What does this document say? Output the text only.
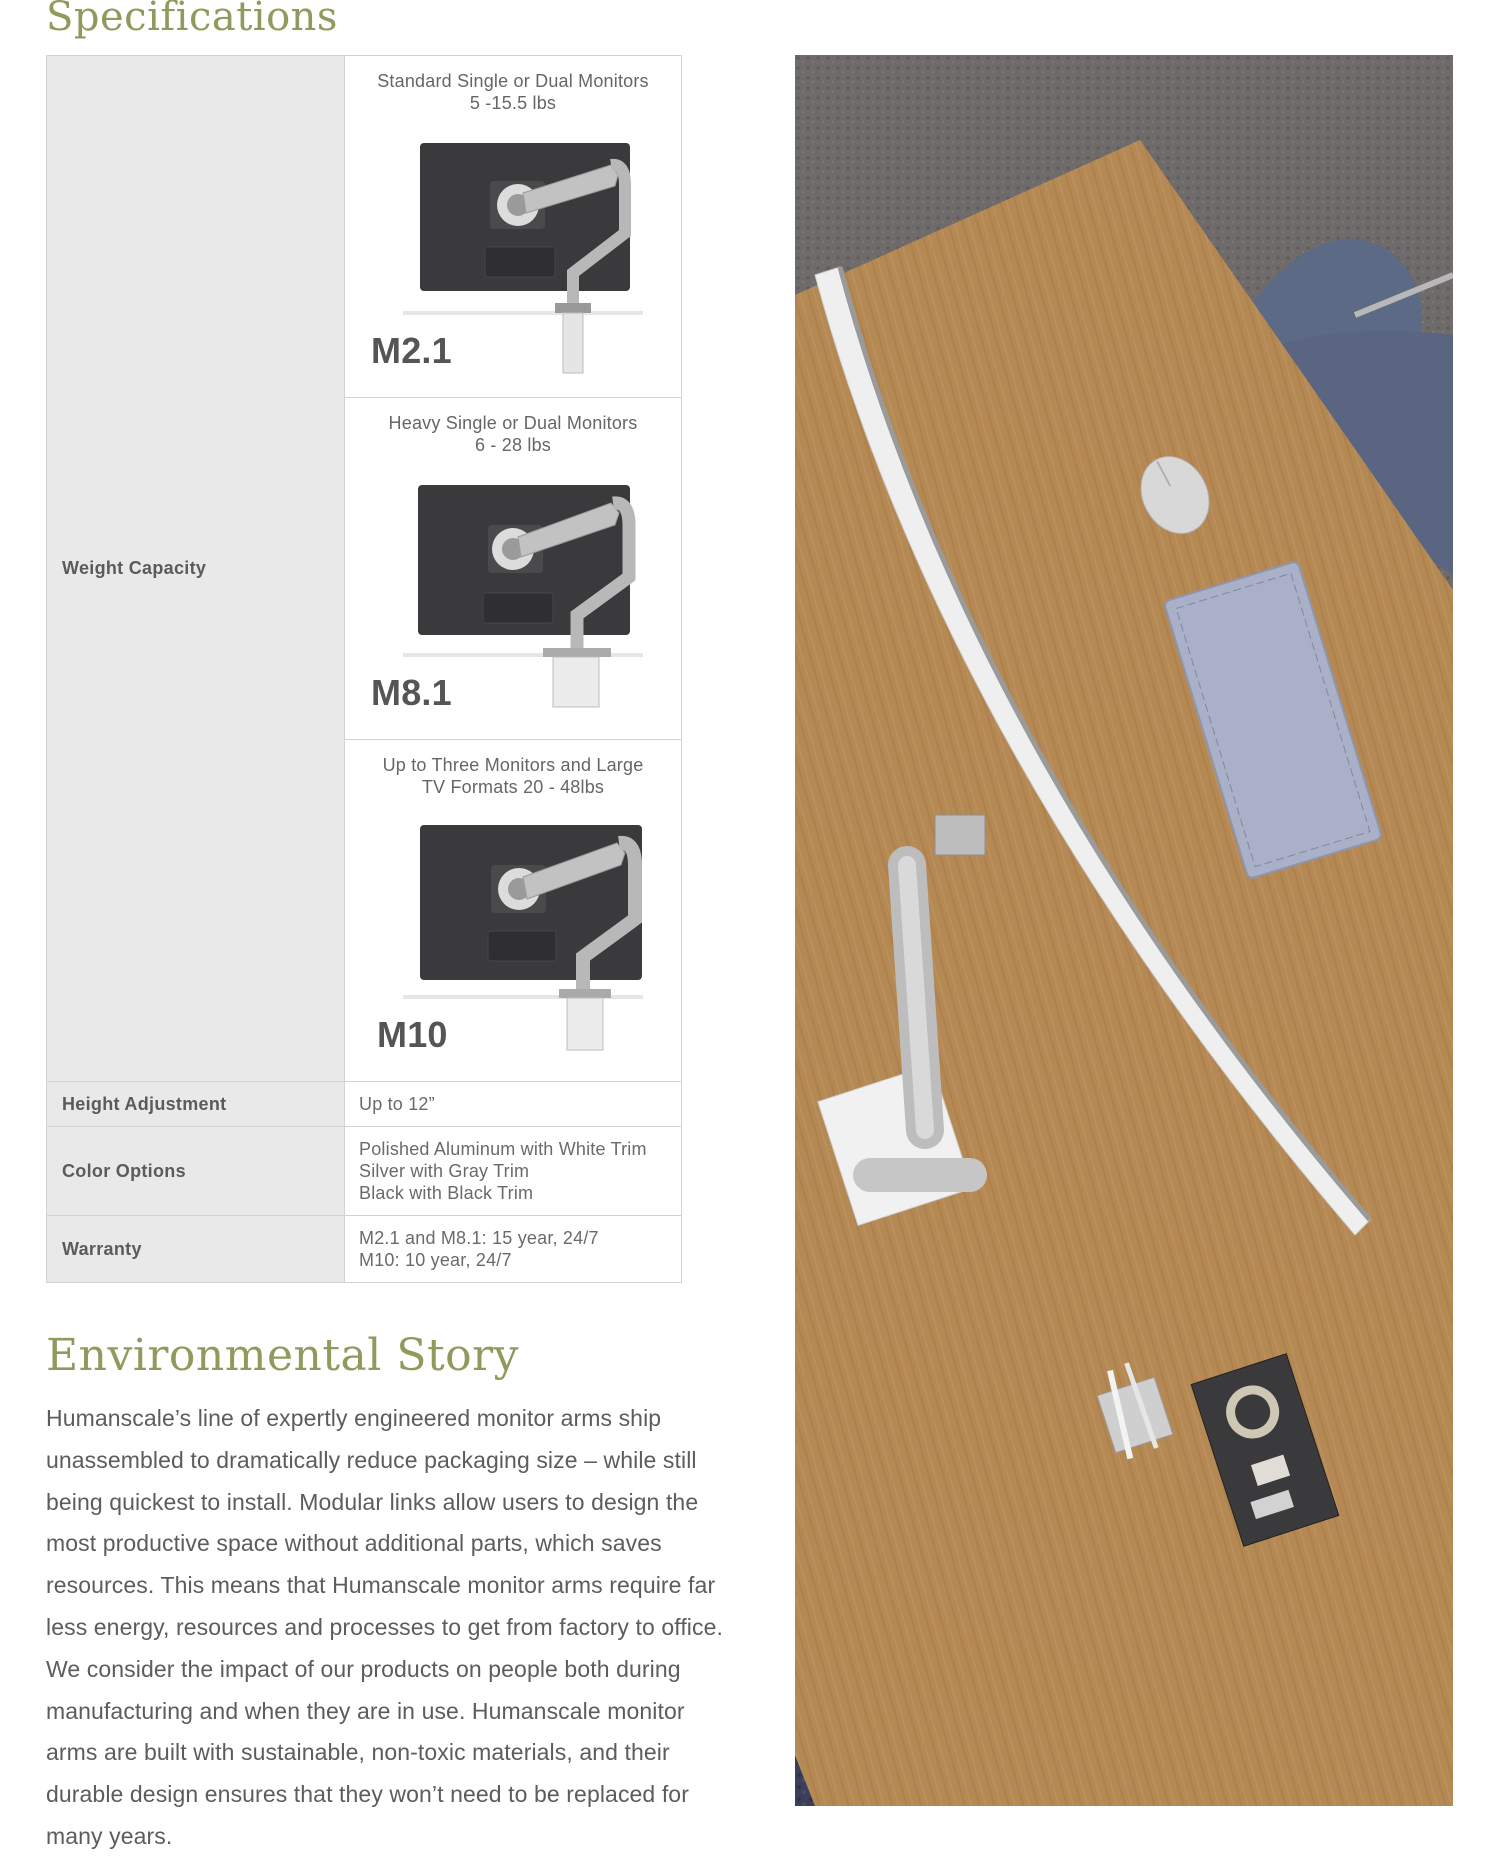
Specifications
Weight Capacity	Standard Single or Dual Monitors
5 -15.5 lbs
M2.1

	Heavy Single or Dual Monitors
6 - 28 lbs
M8.1

	Up to Three Monitors and Large
TV Formats 20 - 48lbs
M10

Height Adjustment	Up to 12”
Color Options	Polished Aluminum with White Trim
Silver with Gray Trim
Black with Black Trim

Warranty	M2.1 and M8.1: 15 year, 24/7
M10: 10 year, 24/7
Environmental Story

Humanscale’s line of expertly engineered monitor arms ship unassembled to dramatically reduce packaging size – while still being quickest to install. Modular links allow users to design the most productive space without additional parts, which saves resources. This means that Humanscale monitor arms require far less energy, resources and processes to get from factory to office. We consider the impact of our products on people both during manufacturing and when they are in use. Humanscale monitor arms are built with sustainable, non-toxic materials, and their durable design ensures that they won’t need to be replaced for many years.
